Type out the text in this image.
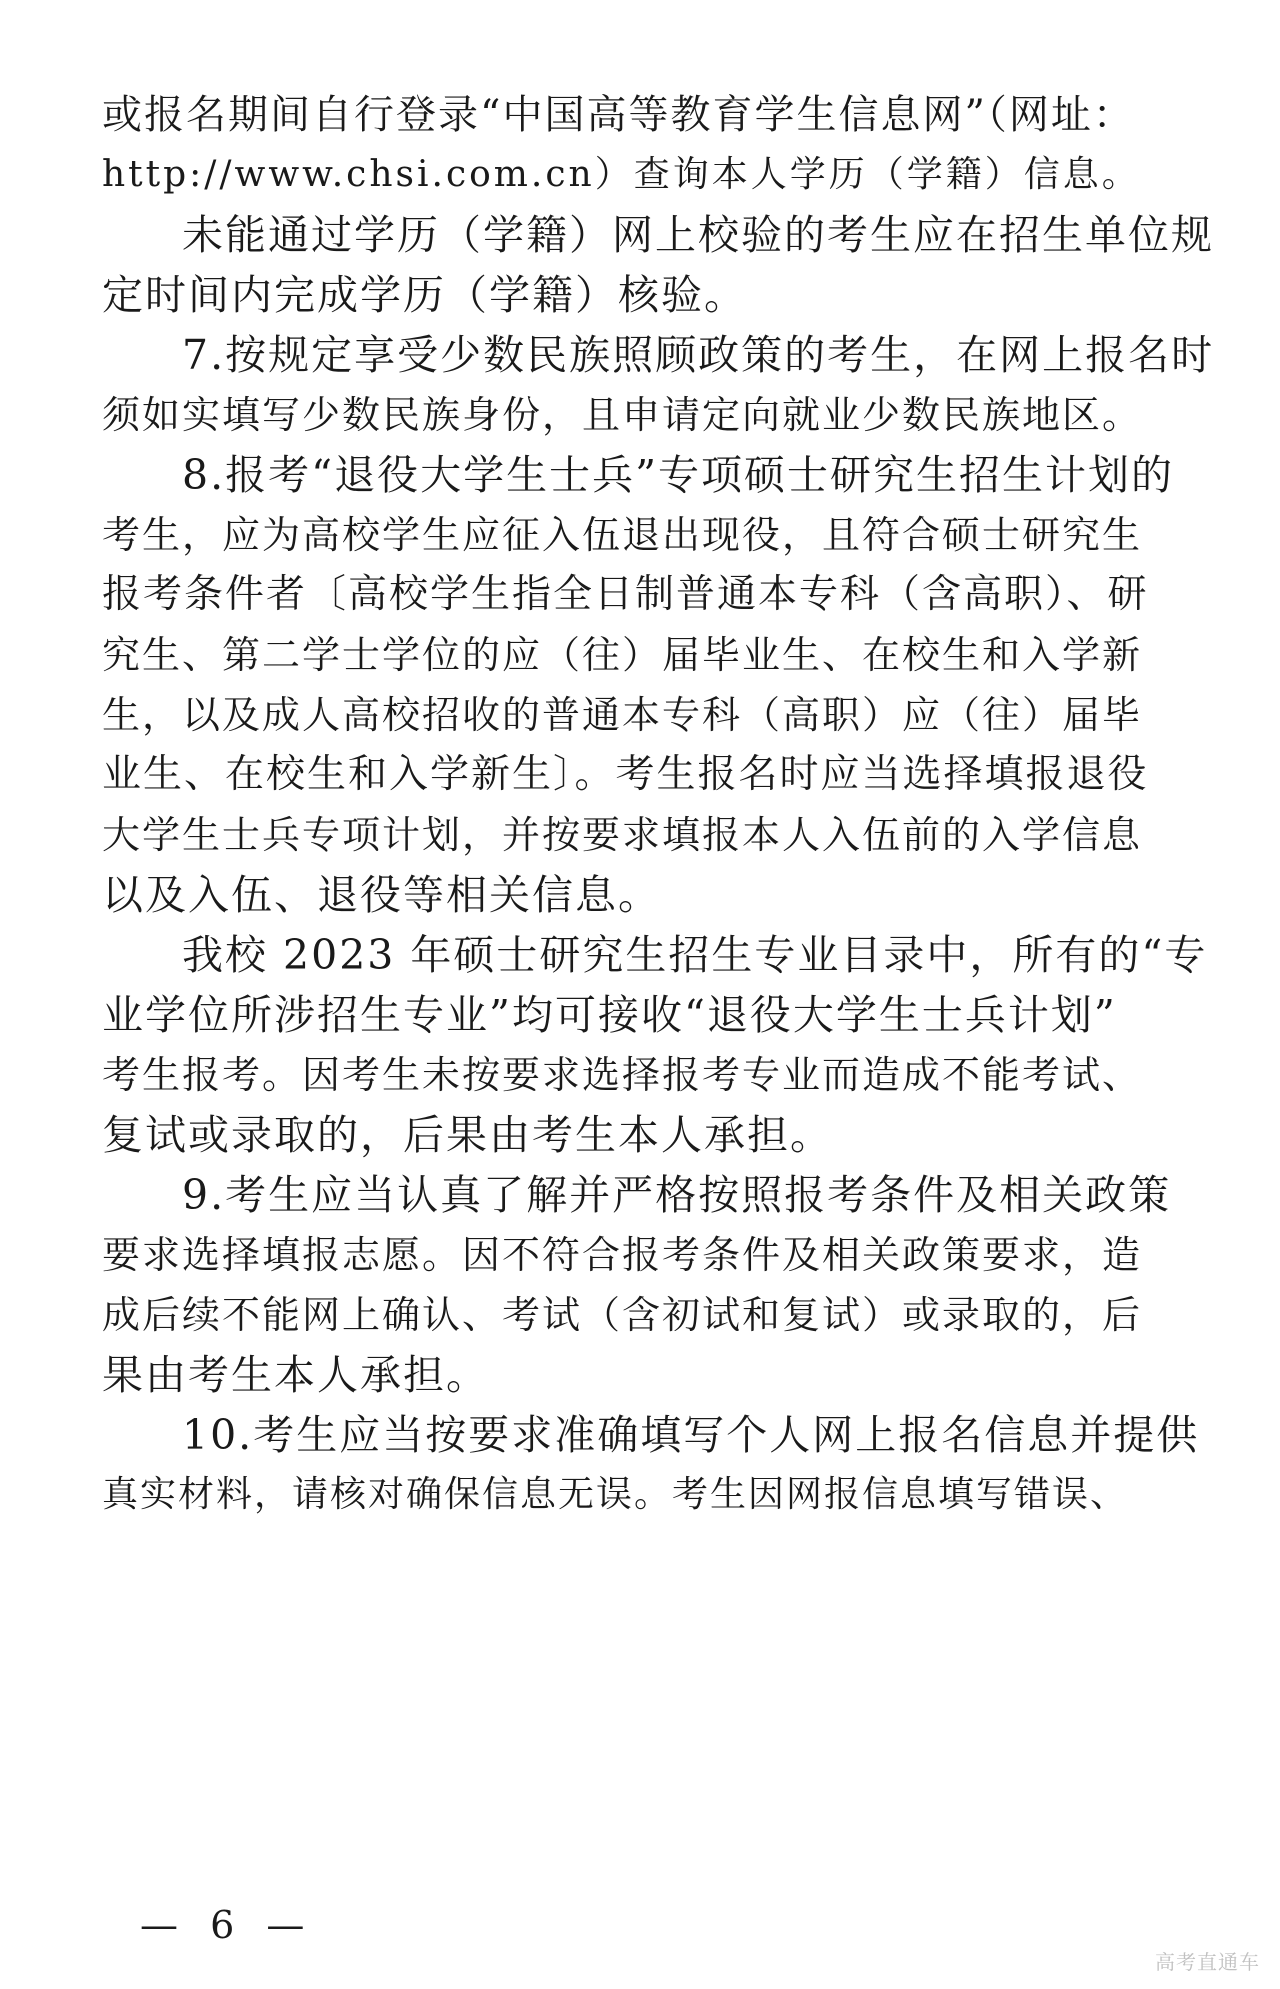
或报名期间自行登录“中国高等教育学生信息网”（网址：
http://www.chsi.com.cn）查询本人学历（学籍）信息。
未能通过学历（学籍）网上校验的考生应在招生单位规
定时间内完成学历（学籍）核验。
7.按规定享受少数民族照顾政策的考生，在网上报名时
须如实填写少数民族身份，且申请定向就业少数民族地区。
8.报考“退役大学生士兵”专项硕士研究生招生计划的
考生，应为高校学生应征入伍退出现役，且符合硕士研究生
报考条件者〔高校学生指全日制普通本专科（含高职）、研
究生、第二学士学位的应（往）届毕业生、在校生和入学新
生，以及成人高校招收的普通本专科（高职）应（往）届毕
业生、在校生和入学新生〕。考生报名时应当选择填报退役
大学生士兵专项计划，并按要求填报本人入伍前的入学信息
以及入伍、退役等相关信息。
我校 2023 年硕士研究生招生专业目录中，所有的“专
业学位所涉招生专业”均可接收“退役大学生士兵计划”
考生报考。因考生未按要求选择报考专业而造成不能考试、
复试或录取的，后果由考生本人承担。
9.考生应当认真了解并严格按照报考条件及相关政策
要求选择填报志愿。因不符合报考条件及相关政策要求，造
成后续不能网上确认、考试（含初试和复试）或录取的，后
果由考生本人承担。
10.考生应当按要求准确填写个人网上报名信息并提供
真实材料，请核对确保信息无误。考生因网报信息填写错误、
— 6 —
高考直通车
